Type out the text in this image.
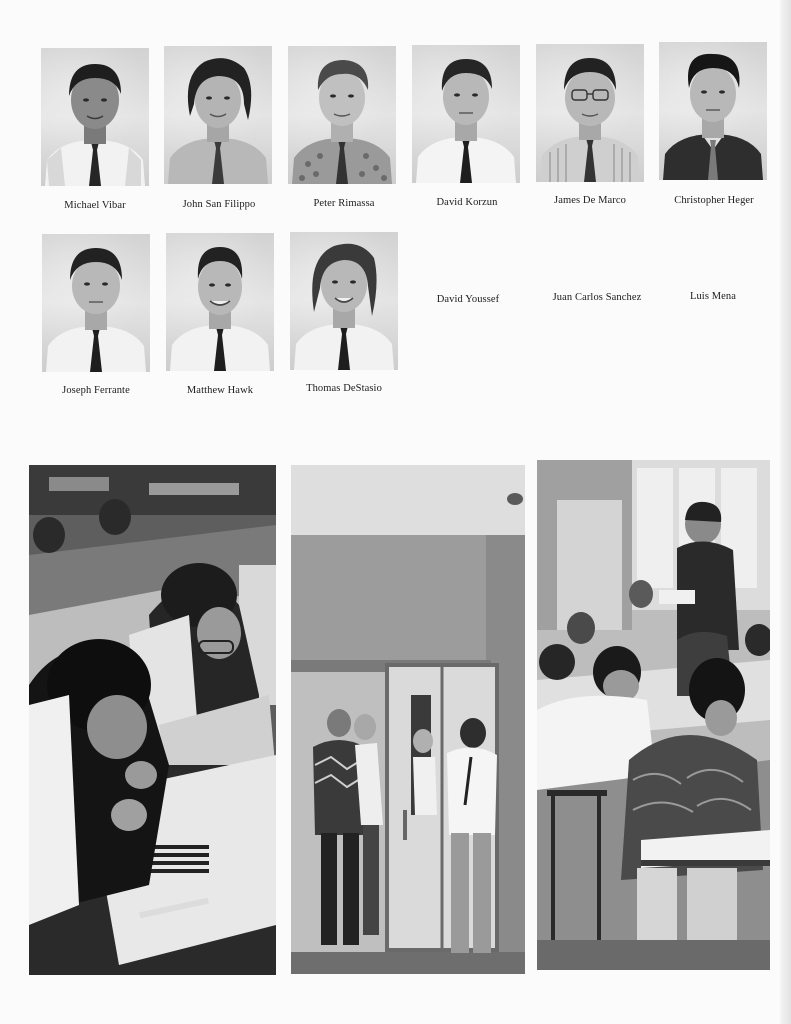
Michael Vibar	John San Filippo	Peter Rimassa	David Korzun	James De Marco	Christopher Heger
Joseph Ferrante	Matthew Hawk	Thomas DeStasio
David Youssef	Juan Carlos Sanchez	Luis Mena
